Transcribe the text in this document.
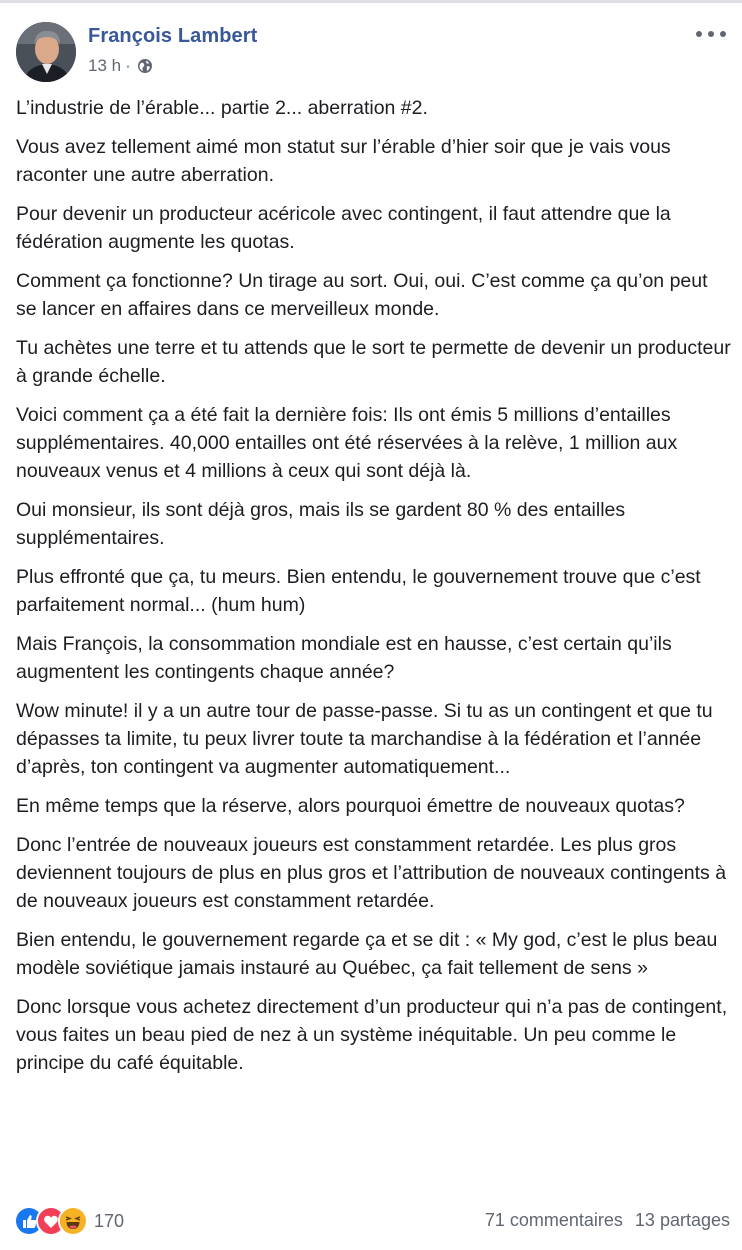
François Lambert
13 h ·

L’industrie de l’érable... partie 2... aberration #2.

Vous avez tellement aimé mon statut sur l’érable d’hier soir que je vais vous raconter une autre aberration.

Pour devenir un producteur acéricole avec contingent, il faut attendre que la fédération augmente les quotas.

Comment ça fonctionne? Un tirage au sort. Oui, oui. C’est comme ça qu’on peut se lancer en affaires dans ce merveilleux monde.

Tu achètes une terre et tu attends que le sort te permette de devenir un producteur à grande échelle.

Voici comment ça a été fait la dernière fois: Ils ont émis 5 millions d’entailles supplémentaires. 40,000 entailles ont été réservées à la relève, 1 million aux nouveaux venus et 4 millions à ceux qui sont déjà là.

Oui monsieur, ils sont déjà gros, mais ils se gardent 80 % des entailles supplémentaires.

Plus effronté que ça, tu meurs. Bien entendu, le gouvernement trouve que c’est parfaitement normal... (hum hum)

Mais François, la consommation mondiale est en hausse, c’est certain qu’ils augmentent les contingents chaque année?

Wow minute! il y a un autre tour de passe-passe. Si tu as un contingent et que tu dépasses ta limite, tu peux livrer toute ta marchandise à la fédération et l’année d’après, ton contingent va augmenter automatiquement...

En même temps que la réserve, alors pourquoi émettre de nouveaux quotas?

Donc l’entrée de nouveaux joueurs est constamment retardée. Les plus gros deviennent toujours de plus en plus gros et l’attribution de nouveaux contingents à de nouveaux joueurs est constamment retardée.

Bien entendu, le gouvernement regarde ça et se dit : « My god, c’est le plus beau modèle soviétique jamais instauré au Québec, ça fait tellement de sens »

Donc lorsque vous achetez directement d’un producteur qui n’a pas de contingent, vous faites un beau pied de nez à un système inéquitable. Un peu comme le principe du café équitable.

170	71 commentaires 13 partages
